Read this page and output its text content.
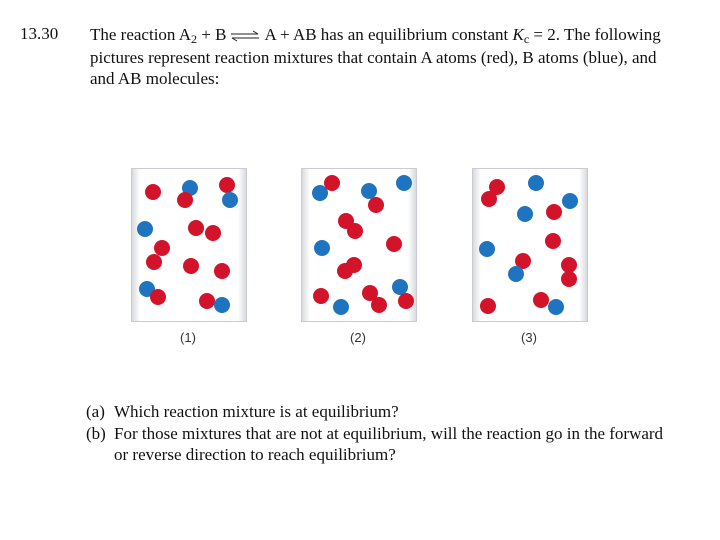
13.30 The reaction A2 + B ⇌ A + AB has an equilibrium constant Kc = 2. The following
pictures represent reaction mixtures that contain A atoms (red), B atoms (blue), and
and AB molecules:
(1)	(2)	(3)
(a) Which reaction mixture is at equilibrium?
(b) For those mixtures that are not at equilibrium, will the reaction go in the forward
or reverse direction to reach equilibrium?
